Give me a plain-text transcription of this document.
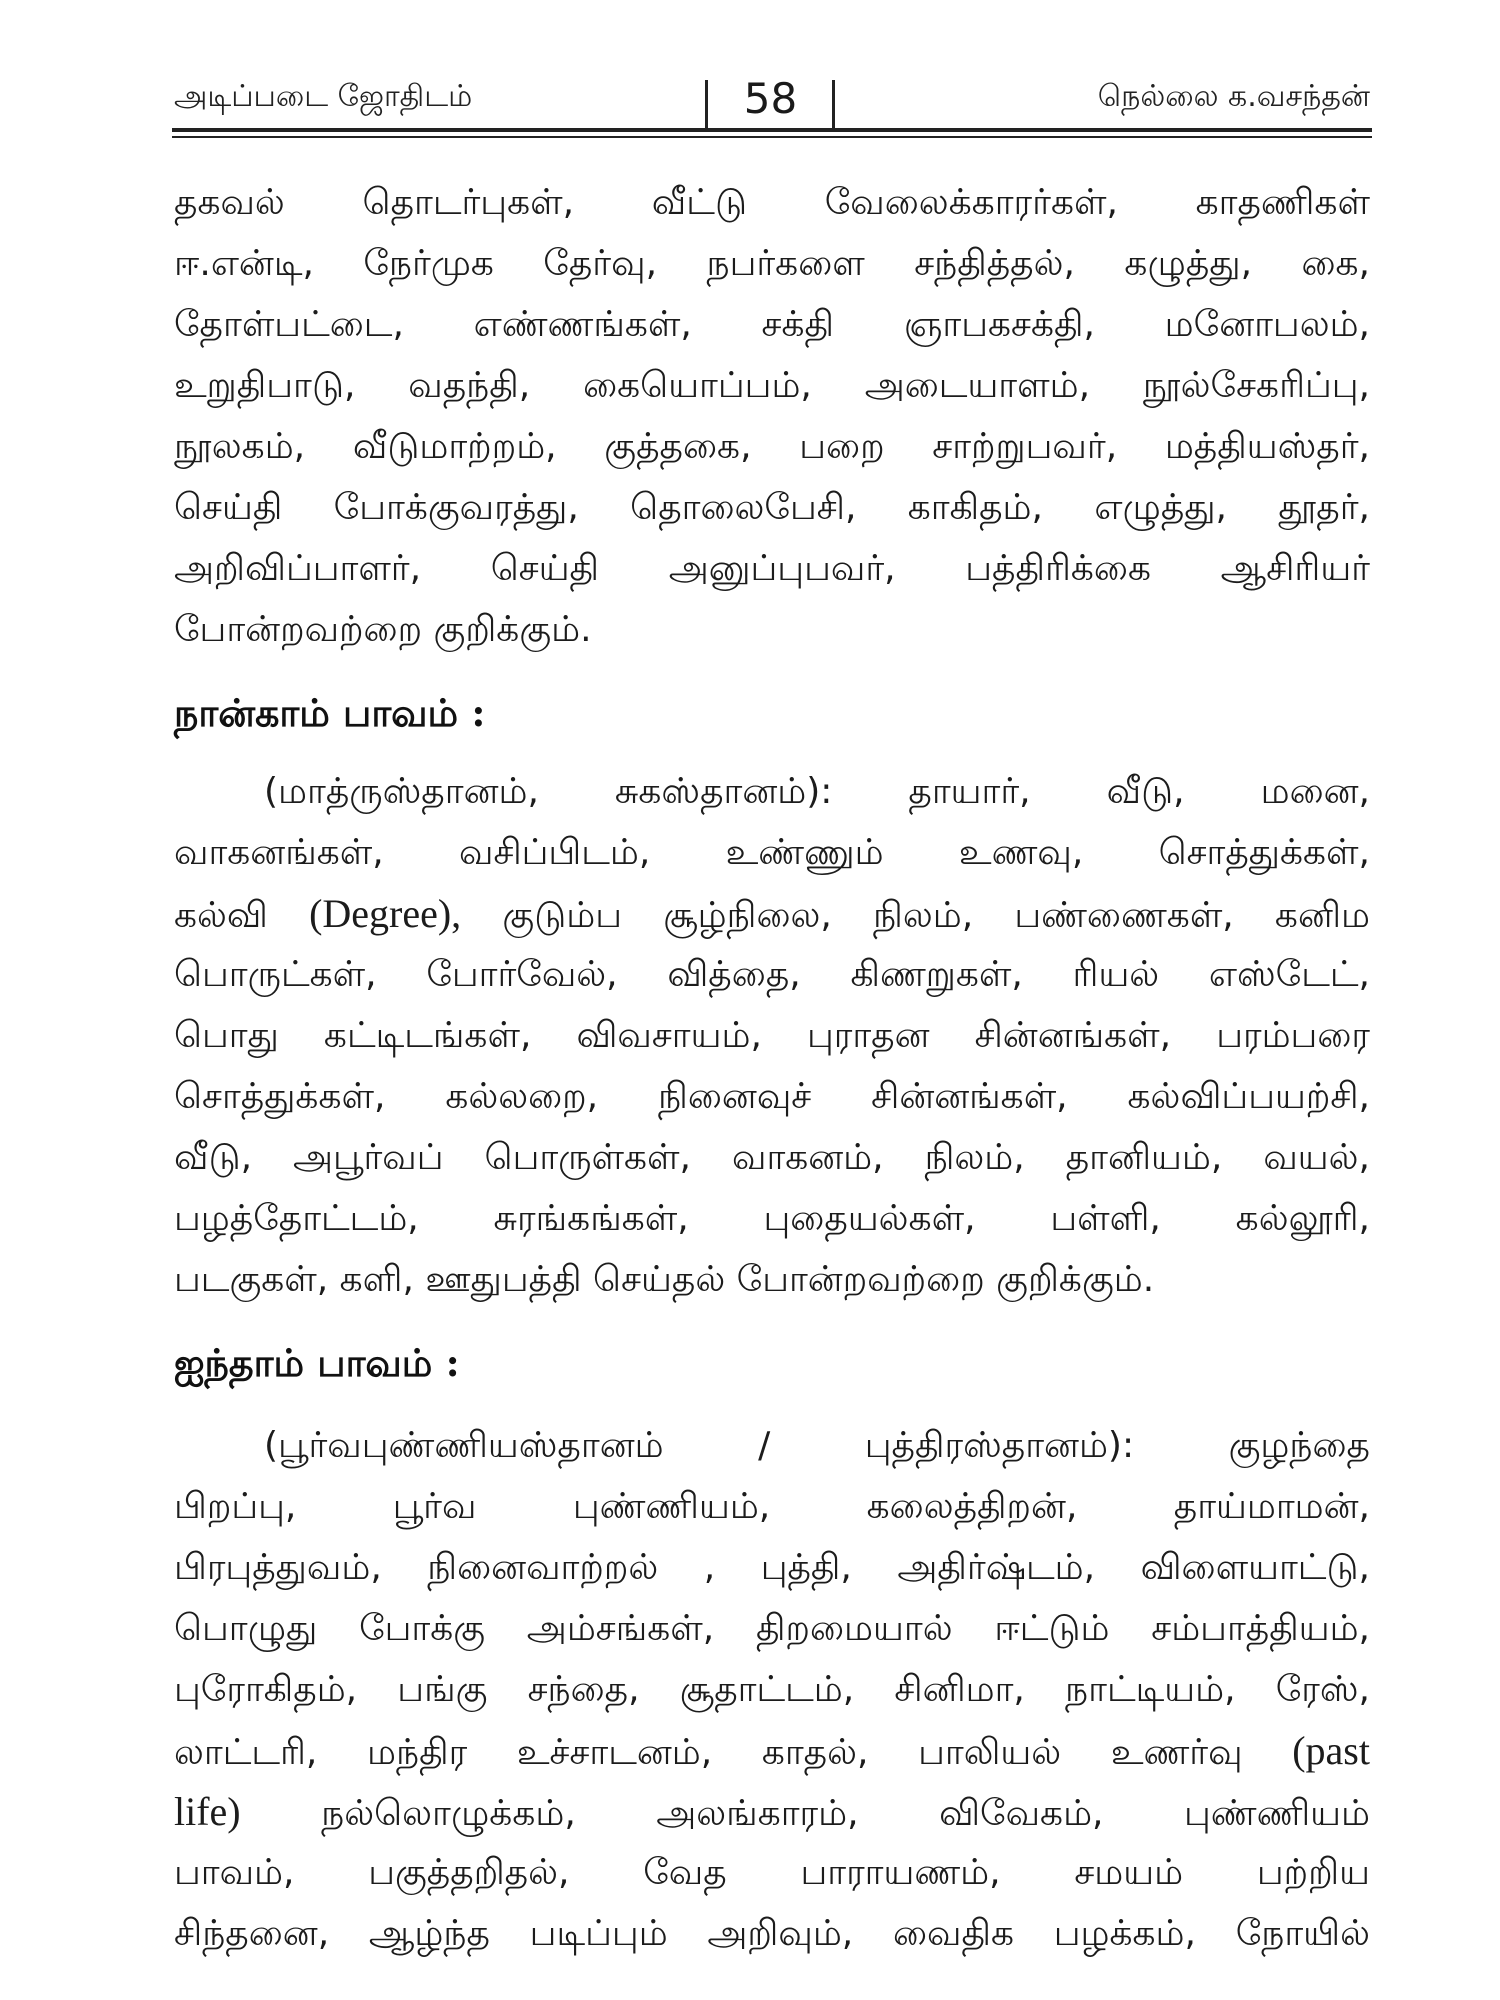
அடிப்படை ஜோதிடம்	58	நெல்லை க.வசந்தன்
தகவல் தொடர்புகள், வீட்டு வேலைக்காரர்கள், காதணிகள்
ஈ.என்டி, நேர்முக தேர்வு, நபர்களை சந்தித்தல், கழுத்து, கை,
தோள்பட்டை, எண்ணங்கள், சக்தி ஞாபகசக்தி, மனோபலம்,
உறுதிபாடு, வதந்தி, கையொப்பம், அடையாளம், நூல்சேகரிப்பு,
நூலகம், வீடுமாற்றம், குத்தகை, பறை சாற்றுபவர், மத்தியஸ்தர்,
செய்தி போக்குவரத்து, தொலைபேசி, காகிதம், எழுத்து, தூதர்,
அறிவிப்பாளர், செய்தி அனுப்புபவர், பத்திரிக்கை ஆசிரியர்
போன்றவற்றை குறிக்கும்.
நான்காம் பாவம் :
(மாத்ருஸ்தானம், சுகஸ்தானம்): தாயார், வீடு, மனை,
வாகனங்கள், வசிப்பிடம், உண்ணும் உணவு, சொத்துக்கள்,
கல்வி (Degree), குடும்ப சூழ்நிலை, நிலம், பண்ணைகள், கனிம
பொருட்கள், போர்வேல், வித்தை, கிணறுகள், ரியல் எஸ்டேட்,
பொது கட்டிடங்கள், விவசாயம், புராதன சின்னங்கள், பரம்பரை
சொத்துக்கள், கல்லறை, நினைவுச் சின்னங்கள், கல்விப்பயற்சி,
வீடு, அபூர்வப் பொருள்கள், வாகனம், நிலம், தானியம், வயல்,
பழத்தோட்டம், சுரங்கங்கள், புதையல்கள், பள்ளி, கல்லூரி,
படகுகள், களி, ஊதுபத்தி செய்தல் போன்றவற்றை குறிக்கும்.
ஐந்தாம் பாவம் :
(பூர்வபுண்ணியஸ்தானம் / புத்திரஸ்தானம்): குழந்தை
பிறப்பு, பூர்வ புண்ணியம், கலைத்திறன், தாய்மாமன்,
பிரபுத்துவம், நினைவாற்றல் , புத்தி, அதிர்ஷ்டம், விளையாட்டு,
பொழுது போக்கு அம்சங்கள், திறமையால் ஈட்டும் சம்பாத்தியம்,
புரோகிதம், பங்கு சந்தை, சூதாட்டம், சினிமா, நாட்டியம், ரேஸ்,
லாட்டரி, மந்திர உச்சாடனம், காதல், பாலியல் உணர்வு (past
life) நல்லொழுக்கம், அலங்காரம், விவேகம், புண்ணியம்
பாவம், பகுத்தறிதல், வேத பாராயணம், சமயம் பற்றிய
சிந்தனை, ஆழ்ந்த படிப்பும் அறிவும், வைதிக பழக்கம், நோயில்
